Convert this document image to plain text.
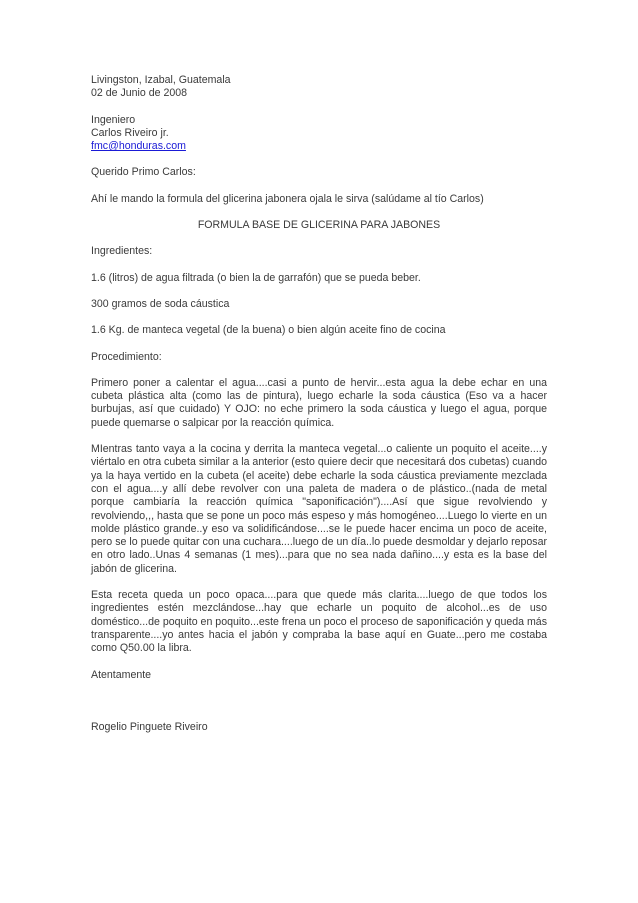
Livingston, Izabal, Guatemala

02 de Junio de 2008

Ingeniero

Carlos Riveiro jr.

fmc@honduras.com

Querido Primo Carlos:

Ahí le mando la formula del glicerina jabonera ojala le sirva (salúdame al tío Carlos)

FORMULA BASE DE GLICERINA PARA JABONES

Ingredientes:

1.6 (litros) de agua filtrada (o bien la de garrafón) que se pueda beber.

300 gramos de soda cáustica

1.6 Kg. de manteca vegetal (de la buena) o bien algún aceite fino de cocina

Procedimiento:

Primero poner a calentar el agua....casi a punto de hervir...esta agua la debe echar en una cubeta plástica alta (como las de pintura), luego echarle la soda cáustica (Eso va a hacer burbujas, así que cuidado) Y OJO: no eche primero la soda cáustica y luego el agua, porque puede quemarse o salpicar por la reacción química.

MIentras tanto vaya a la cocina y derrita la manteca vegetal...o caliente un poquito el aceite....y viértalo en otra cubeta similar a la anterior (esto quiere decir que necesitará dos cubetas) cuando ya la haya vertido en la cubeta (el aceite) debe echarle la soda cáustica previamente mezclada con el agua....y allí debe revolver con una paleta de madera o de plástico..(nada de metal porque cambiaría la reacción química "saponificación")....Así que sigue revolviendo y revolviendo,,, hasta que se pone un poco más espeso y más homogéneo....Luego lo vierte en un molde plástico grande..y eso va solidificándose....se le puede hacer encima un poco de aceite, pero se lo puede quitar con una cuchara....luego de un día..lo puede desmoldar y dejarlo reposar en otro lado..Unas 4 semanas (1 mes)...para que no sea nada dañino....y esta es la base del jabón de glicerina.

Esta receta queda un poco opaca....para que quede más clarita....luego de que todos los ingredientes estén mezclándose...hay que echarle un poquito de alcohol...es de uso doméstico...de poquito en poquito...este frena un poco el proceso de saponificación y queda más transparente....yo antes hacia el jabón y compraba la base aquí en Guate...pero me costaba como Q50.00 la libra.

Atentamente

Rogelio Pinguete Riveiro
